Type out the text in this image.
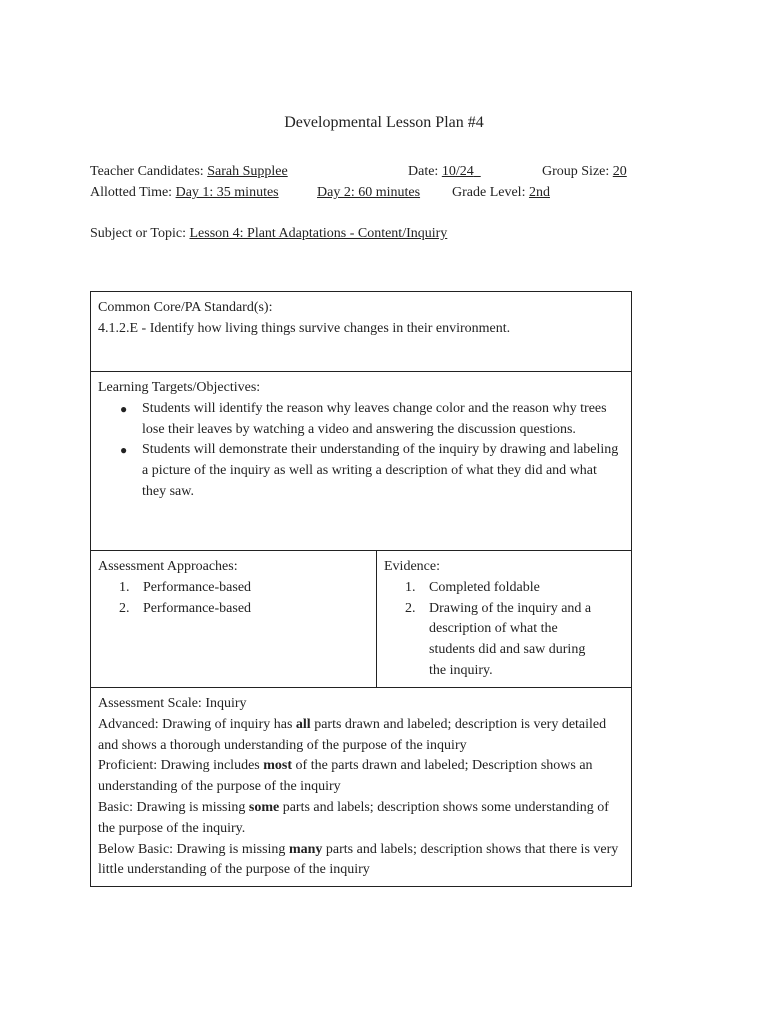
Developmental Lesson Plan #4
Teacher Candidates: Sarah Supplee	Date: 10/24	Group Size: 20
Allotted Time: Day 1: 35 minutes	Day 2: 60 minutes Grade Level: 2nd
Subject or Topic: Lesson 4: Plant Adaptations - Content/Inquiry
Common Core/PA Standard(s):
4.1.2.E - Identify how living things survive changes in their environment.
Learning Targets/Objectives:
● Students will identify the reason why leaves change color and the reason why trees lose their leaves by watching a video and answering the discussion questions.
● Students will demonstrate their understanding of the inquiry by drawing and labeling a picture of the inquiry as well as writing a description of what they did and what they saw.
Assessment Approaches:
1. Performance-based
2. Performance-based
Evidence:
1. Completed foldable
2. Drawing of the inquiry and a description of what the students did and saw during the inquiry.
Assessment Scale: Inquiry
Advanced: Drawing of inquiry has all parts drawn and labeled; description is very detailed and shows a thorough understanding of the purpose of the inquiry
Proficient: Drawing includes most of the parts drawn and labeled; Description shows an understanding of the purpose of the inquiry
Basic: Drawing is missing some parts and labels; description shows some understanding of the purpose of the inquiry.
Below Basic: Drawing is missing many parts and labels; description shows that there is very little understanding of the purpose of the inquiry
